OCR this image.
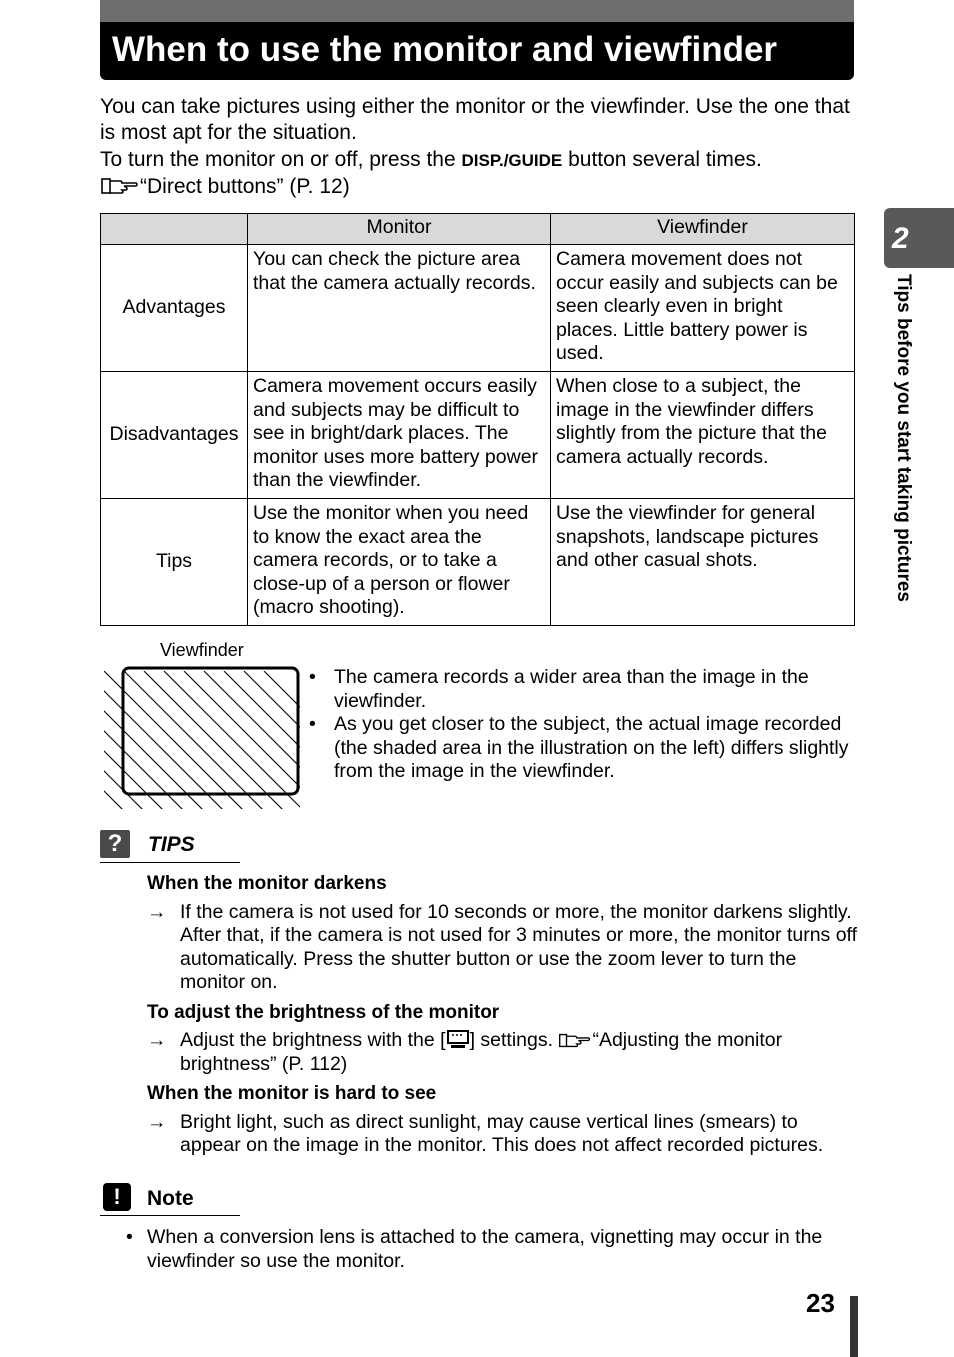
When to use the monitor and viewfinder

You can take pictures using either the monitor or the viewfinder. Use the one that is most apt for the situation.

To turn the monitor on or off, press the DISP./GUIDE button several times.

“Direct buttons” (P. 12)

	Monitor	Viewfinder
Advantages	You can check the picture area that the camera actually records.	Camera movement does not occur easily and subjects can be seen clearly even in bright places. Little battery power is used.
Disadvantages	Camera movement occurs easily and subjects may be difficult to see in bright/dark places. The monitor uses more battery power than the viewfinder.	When close to a subject, the image in the viewfinder differs slightly from the picture that the camera actually records.
Tips	Use the monitor when you need to know the exact area the camera records, or to take a close-up of a person or flower (macro shooting).	Use the viewfinder for general snapshots, landscape pictures and other casual shots.
Viewfinder
• The camera records a wider area than the image in the viewfinder.
• As you get closer to the subject, the actual image recorded (the shaded area in the illustration on the left) differs slightly from the image in the viewfinder.
?	TIPS
When the monitor darkens

→ If the camera is not used for 10 seconds or more, the monitor darkens slightly. After that, if the camera is not used for 3 minutes or more, the monitor turns off automatically. Press the shutter button or use the zoom lever to turn the monitor on.

To adjust the brightness of the monitor

→ Adjust the brightness with the [ ] settings. “Adjusting the monitor brightness” (P. 112)

When the monitor is hard to see

→ Bright light, such as direct sunlight, may cause vertical lines (smears) to appear on the image in the monitor. This does not affect recorded pictures.

!	Note
• When a conversion lens is attached to the camera, vignetting may occur in the viewfinder so use the monitor.
2
Tips before you start taking pictures
23
